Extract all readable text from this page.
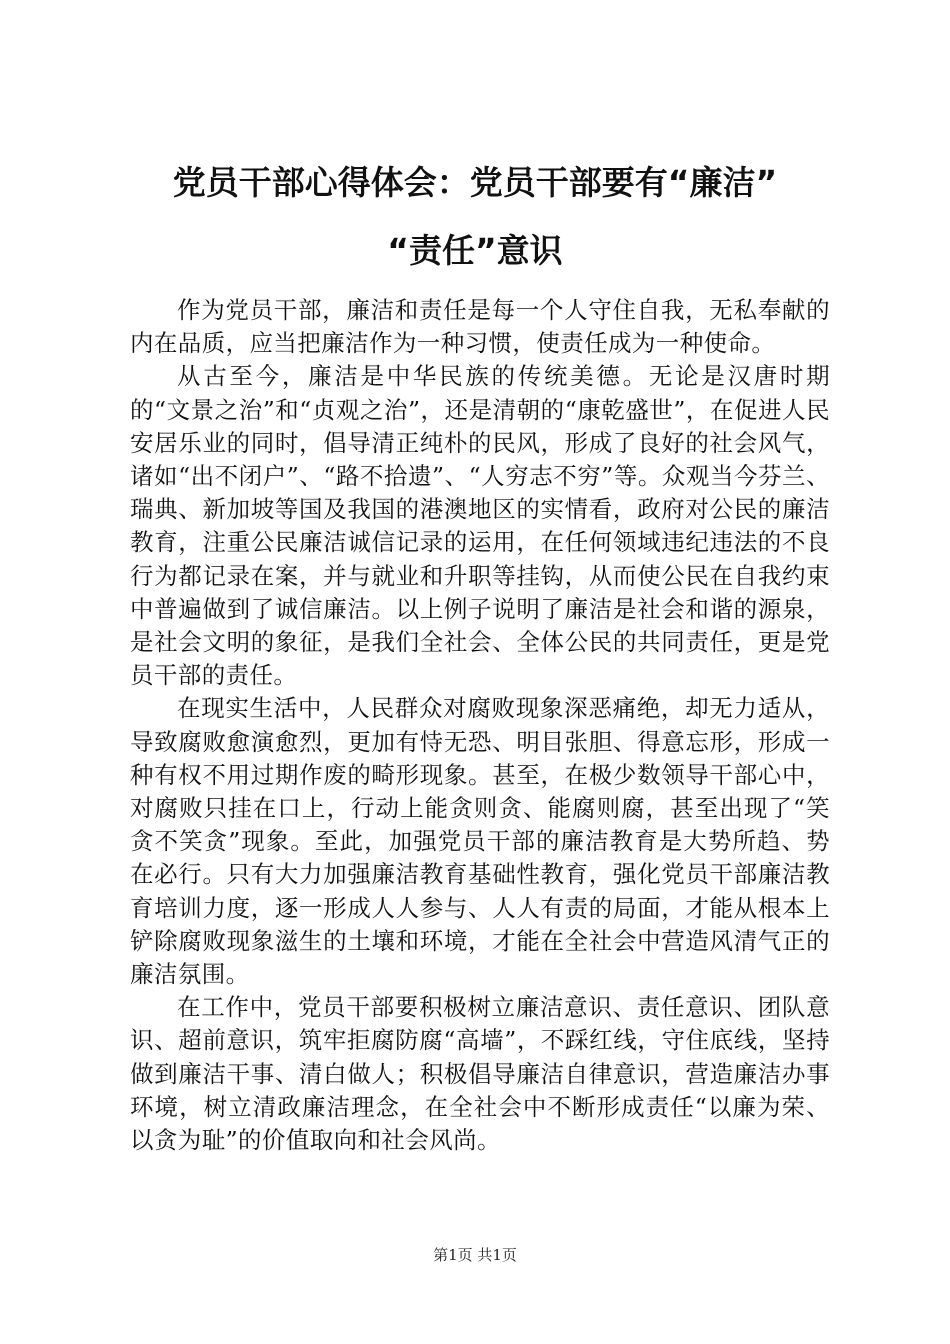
党员干部心得体会：党员干部要有“廉洁”
“责任”意识

作为党员干部，廉洁和责任是每一个人守住自我，无私奉献的内在品质，应当把廉洁作为一种习惯，使责任成为一种使命。

从古至今，廉洁是中华民族的传统美德。无论是汉唐时期的“文景之治”和“贞观之治”，还是清朝的“康乾盛世”，在促进人民安居乐业的同时，倡导清正纯朴的民风，形成了良好的社会风气，诸如“出不闭户”、“路不拾遗”、“人穷志不穷”等。众观当今芬兰、瑞典、新加坡等国及我国的港澳地区的实情看，政府对公民的廉洁教育，注重公民廉洁诚信记录的运用，在任何领域违纪违法的不良行为都记录在案，并与就业和升职等挂钩，从而使公民在自我约束中普遍做到了诚信廉洁。以上例子说明了廉洁是社会和谐的源泉，是社会文明的象征，是我们全社会、全体公民的共同责任，更是党员干部的责任。

在现实生活中，人民群众对腐败现象深恶痛绝，却无力适从，导致腐败愈演愈烈，更加有恃无恐、明目张胆、得意忘形，形成一种有权不用过期作废的畸形现象。甚至，在极少数领导干部心中，对腐败只挂在口上，行动上能贪则贪、能腐则腐，甚至出现了“笑贪不笑贪”现象。至此，加强党员干部的廉洁教育是大势所趋、势在必行。只有大力加强廉洁教育基础性教育，强化党员干部廉洁教育培训力度，逐一形成人人参与、人人有责的局面，才能从根本上铲除腐败现象滋生的土壤和环境，才能在全社会中营造风清气正的廉洁氛围。

在工作中，党员干部要积极树立廉洁意识、责任意识、团队意识、超前意识，筑牢拒腐防腐“高墙”，不踩红线，守住底线，坚持做到廉洁干事、清白做人；积极倡导廉洁自律意识，营造廉洁办事环境，树立清政廉洁理念，在全社会中不断形成责任“以廉为荣、以贪为耻”的价值取向和社会风尚。

第1页 共1页
